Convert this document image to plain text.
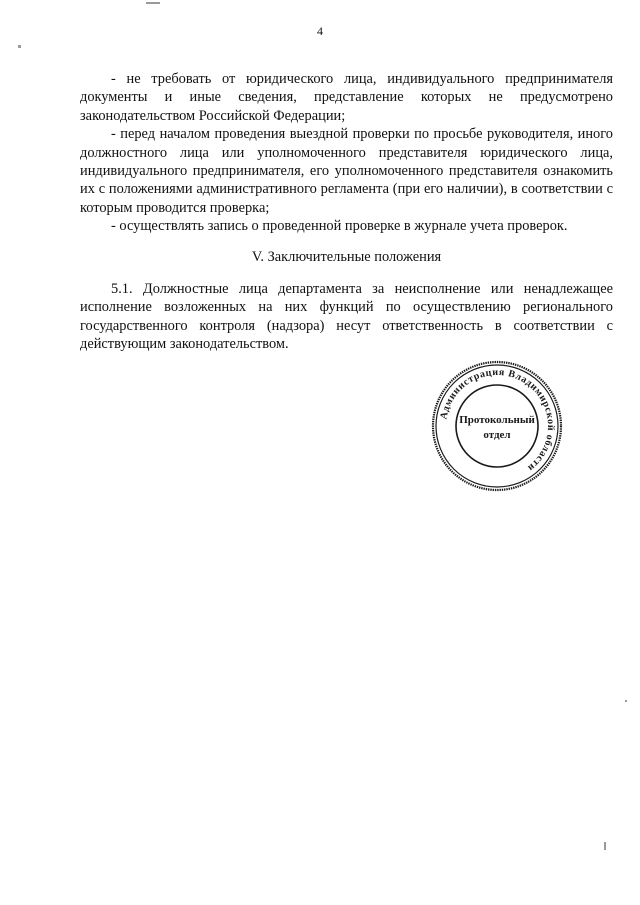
4

- не требовать от юридического лица, индивидуального предпринимателя документы и иные сведения, представление которых не предусмотрено законодательством Российской Федерации;

- перед началом проведения выездной проверки по просьбе руководителя, иного должностного лица или уполномоченного представителя юридического лица, индивидуального предпринимателя, его уполномоченного представителя ознакомить их с положениями административного регламента (при его наличии), в соответствии с которым проводится проверка;

- осуществлять запись о проведенной проверке в журнале учета проверок.

V. Заключительные положения

5.1. Должностные лица департамента за неисполнение или ненадлежащее исполнение возложенных на них функций по осуществлению регионального государственного контроля (надзора) несут ответственность в соответствии с действующим законодательством.

Администрация Владимирской области
Протокольный
отдел
